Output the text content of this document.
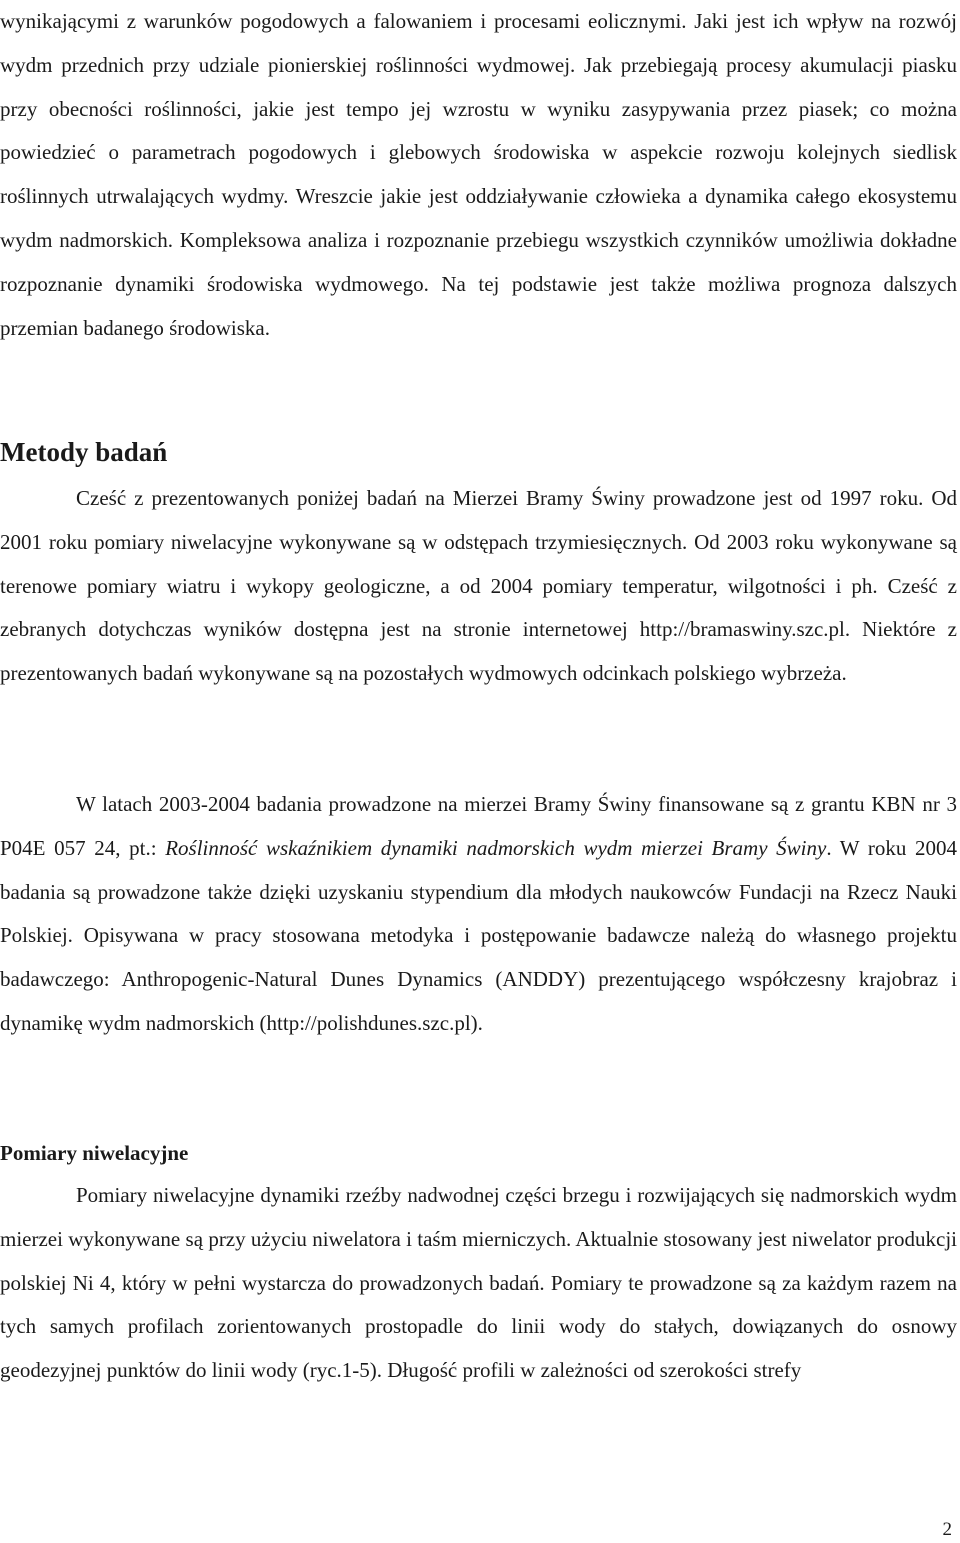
wynikającymi z warunków pogodowych a falowaniem i procesami eolicznymi. Jaki jest ich wpływ na rozwój wydm przednich przy udziale pionierskiej roślinności wydmowej. Jak przebiegają procesy akumulacji piasku przy obecności roślinności, jakie jest tempo jej wzrostu w wyniku zasypywania przez piasek; co można powiedzieć o parametrach pogodowych i glebowych środowiska w aspekcie rozwoju kolejnych siedlisk roślinnych utrwalających wydmy. Wreszcie jakie jest oddziaływanie człowieka a dynamika całego ekosystemu wydm nadmorskich. Kompleksowa analiza i rozpoznanie przebiegu wszystkich czynników umożliwia dokładne rozpoznanie dynamiki środowiska wydmowego. Na tej podstawie jest także możliwa prognoza dalszych przemian badanego środowiska.

Metody badań

Cześć z prezentowanych poniżej badań na Mierzei Bramy Świny prowadzone jest od 1997 roku. Od 2001 roku pomiary niwelacyjne wykonywane są w odstępach trzymiesięcznych. Od 2003 roku wykonywane są terenowe pomiary wiatru i wykopy geologiczne, a od 2004 pomiary temperatur, wilgotności i ph. Cześć z zebranych dotychczas wyników dostępna jest na stronie internetowej http://bramaswiny.szc.pl. Niektóre z prezentowanych badań wykonywane są na pozostałych wydmowych odcinkach polskiego wybrzeża.

W latach 2003-2004 badania prowadzone na mierzei Bramy Świny finansowane są z grantu KBN nr 3 P04E 057 24, pt.: Roślinność wskaźnikiem dynamiki nadmorskich wydm mierzei Bramy Świny. W roku 2004 badania są prowadzone także dzięki uzyskaniu stypendium dla młodych naukowców Fundacji na Rzecz Nauki Polskiej. Opisywana w pracy stosowana metodyka i postępowanie badawcze należą do własnego projektu badawczego: Anthropogenic-Natural Dunes Dynamics (ANDDY) prezentującego współczesny krajobraz i dynamikę wydm nadmorskich (http://polishdunes.szc.pl).

Pomiary niwelacyjne

Pomiary niwelacyjne dynamiki rzeźby nadwodnej części brzegu i rozwijających się nadmorskich wydm mierzei wykonywane są przy użyciu niwelatora i taśm mierniczych. Aktualnie stosowany jest niwelator produkcji polskiej Ni 4, który w pełni wystarcza do prowadzonych badań. Pomiary te prowadzone są za każdym razem na tych samych profilach zorientowanych prostopadle do linii wody do stałych, dowiązanych do osnowy geodezyjnej punktów do linii wody (ryc.1-5). Długość profili w zależności od szerokości strefy

2
